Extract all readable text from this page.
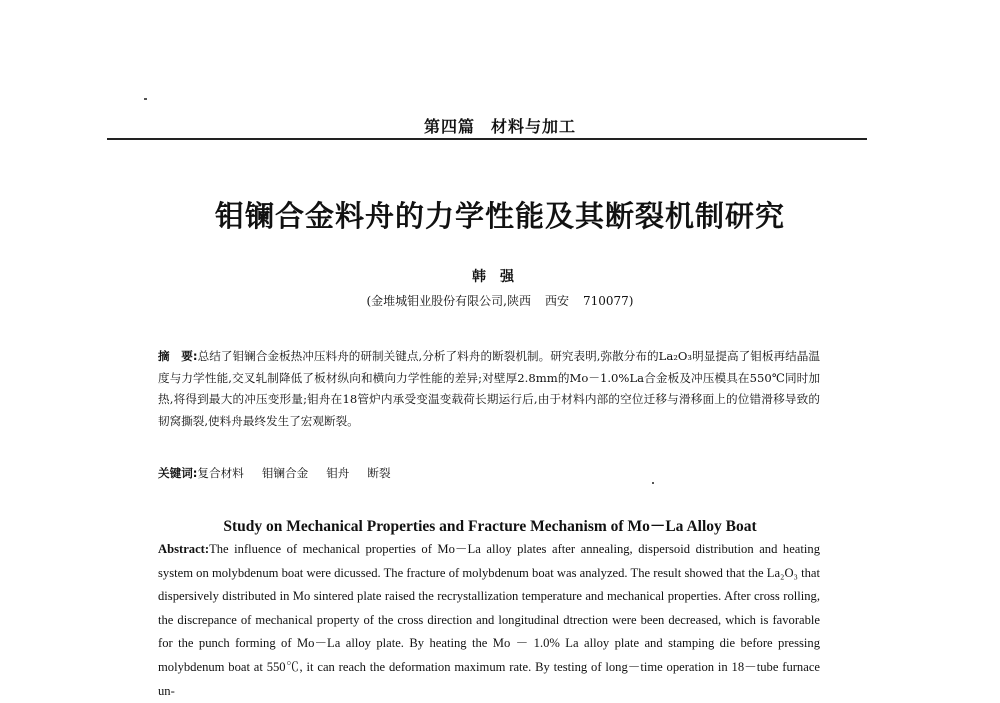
第四篇 材料与加工
钼镧合金料舟的力学性能及其断裂机制研究
韩强
(金堆城钼业股份有限公司,陕西 西安 710077)
摘　要:总结了钼镧合金板热冲压料舟的研制关键点,分析了料舟的断裂机制。研究表明,弥散分布的La₂O₃明显提高了钼板再结晶温度与力学性能,交叉轧制降低了板材纵向和横向力学性能的差异;对壁厚2.8mm的Mo－1.0%La合金板及冲压模具在550℃同时加热,将得到最大的冲压变形量;钼舟在18管炉内承受变温变载荷长期运行后,由于材料内部的空位迁移与滑移面上的位错滑移导致的韧窝撕裂,使料舟最终发生了宏观断裂。
关键词:复合材料 钼镧合金 钼舟 断裂
Study on Mechanical Properties and Fracture Mechanism of Mo－La Alloy Boat
Abstract:The influence of mechanical properties of Mo－La alloy plates after annealing, dispersoid distribution and heating system on molybdenum boat were dicussed. The fracture of molybdenum boat was analyzed. The result showed that the La₂O₃ that dispersively distributed in Mo sintered plate raised the recrystallization temperature and mechanical properties. After cross rolling, the discrepance of mechanical property of the cross direction and longitudinal dtrection were been decreased, which is favorable for the punch forming of Mo－La alloy plate. By heating the Mo － 1.0% La alloy plate and stamping die before pressing molybdenum boat at 550℃, it can reach the deformation maximum rate. By testing of long－time operation in 18－tube furnace un-
